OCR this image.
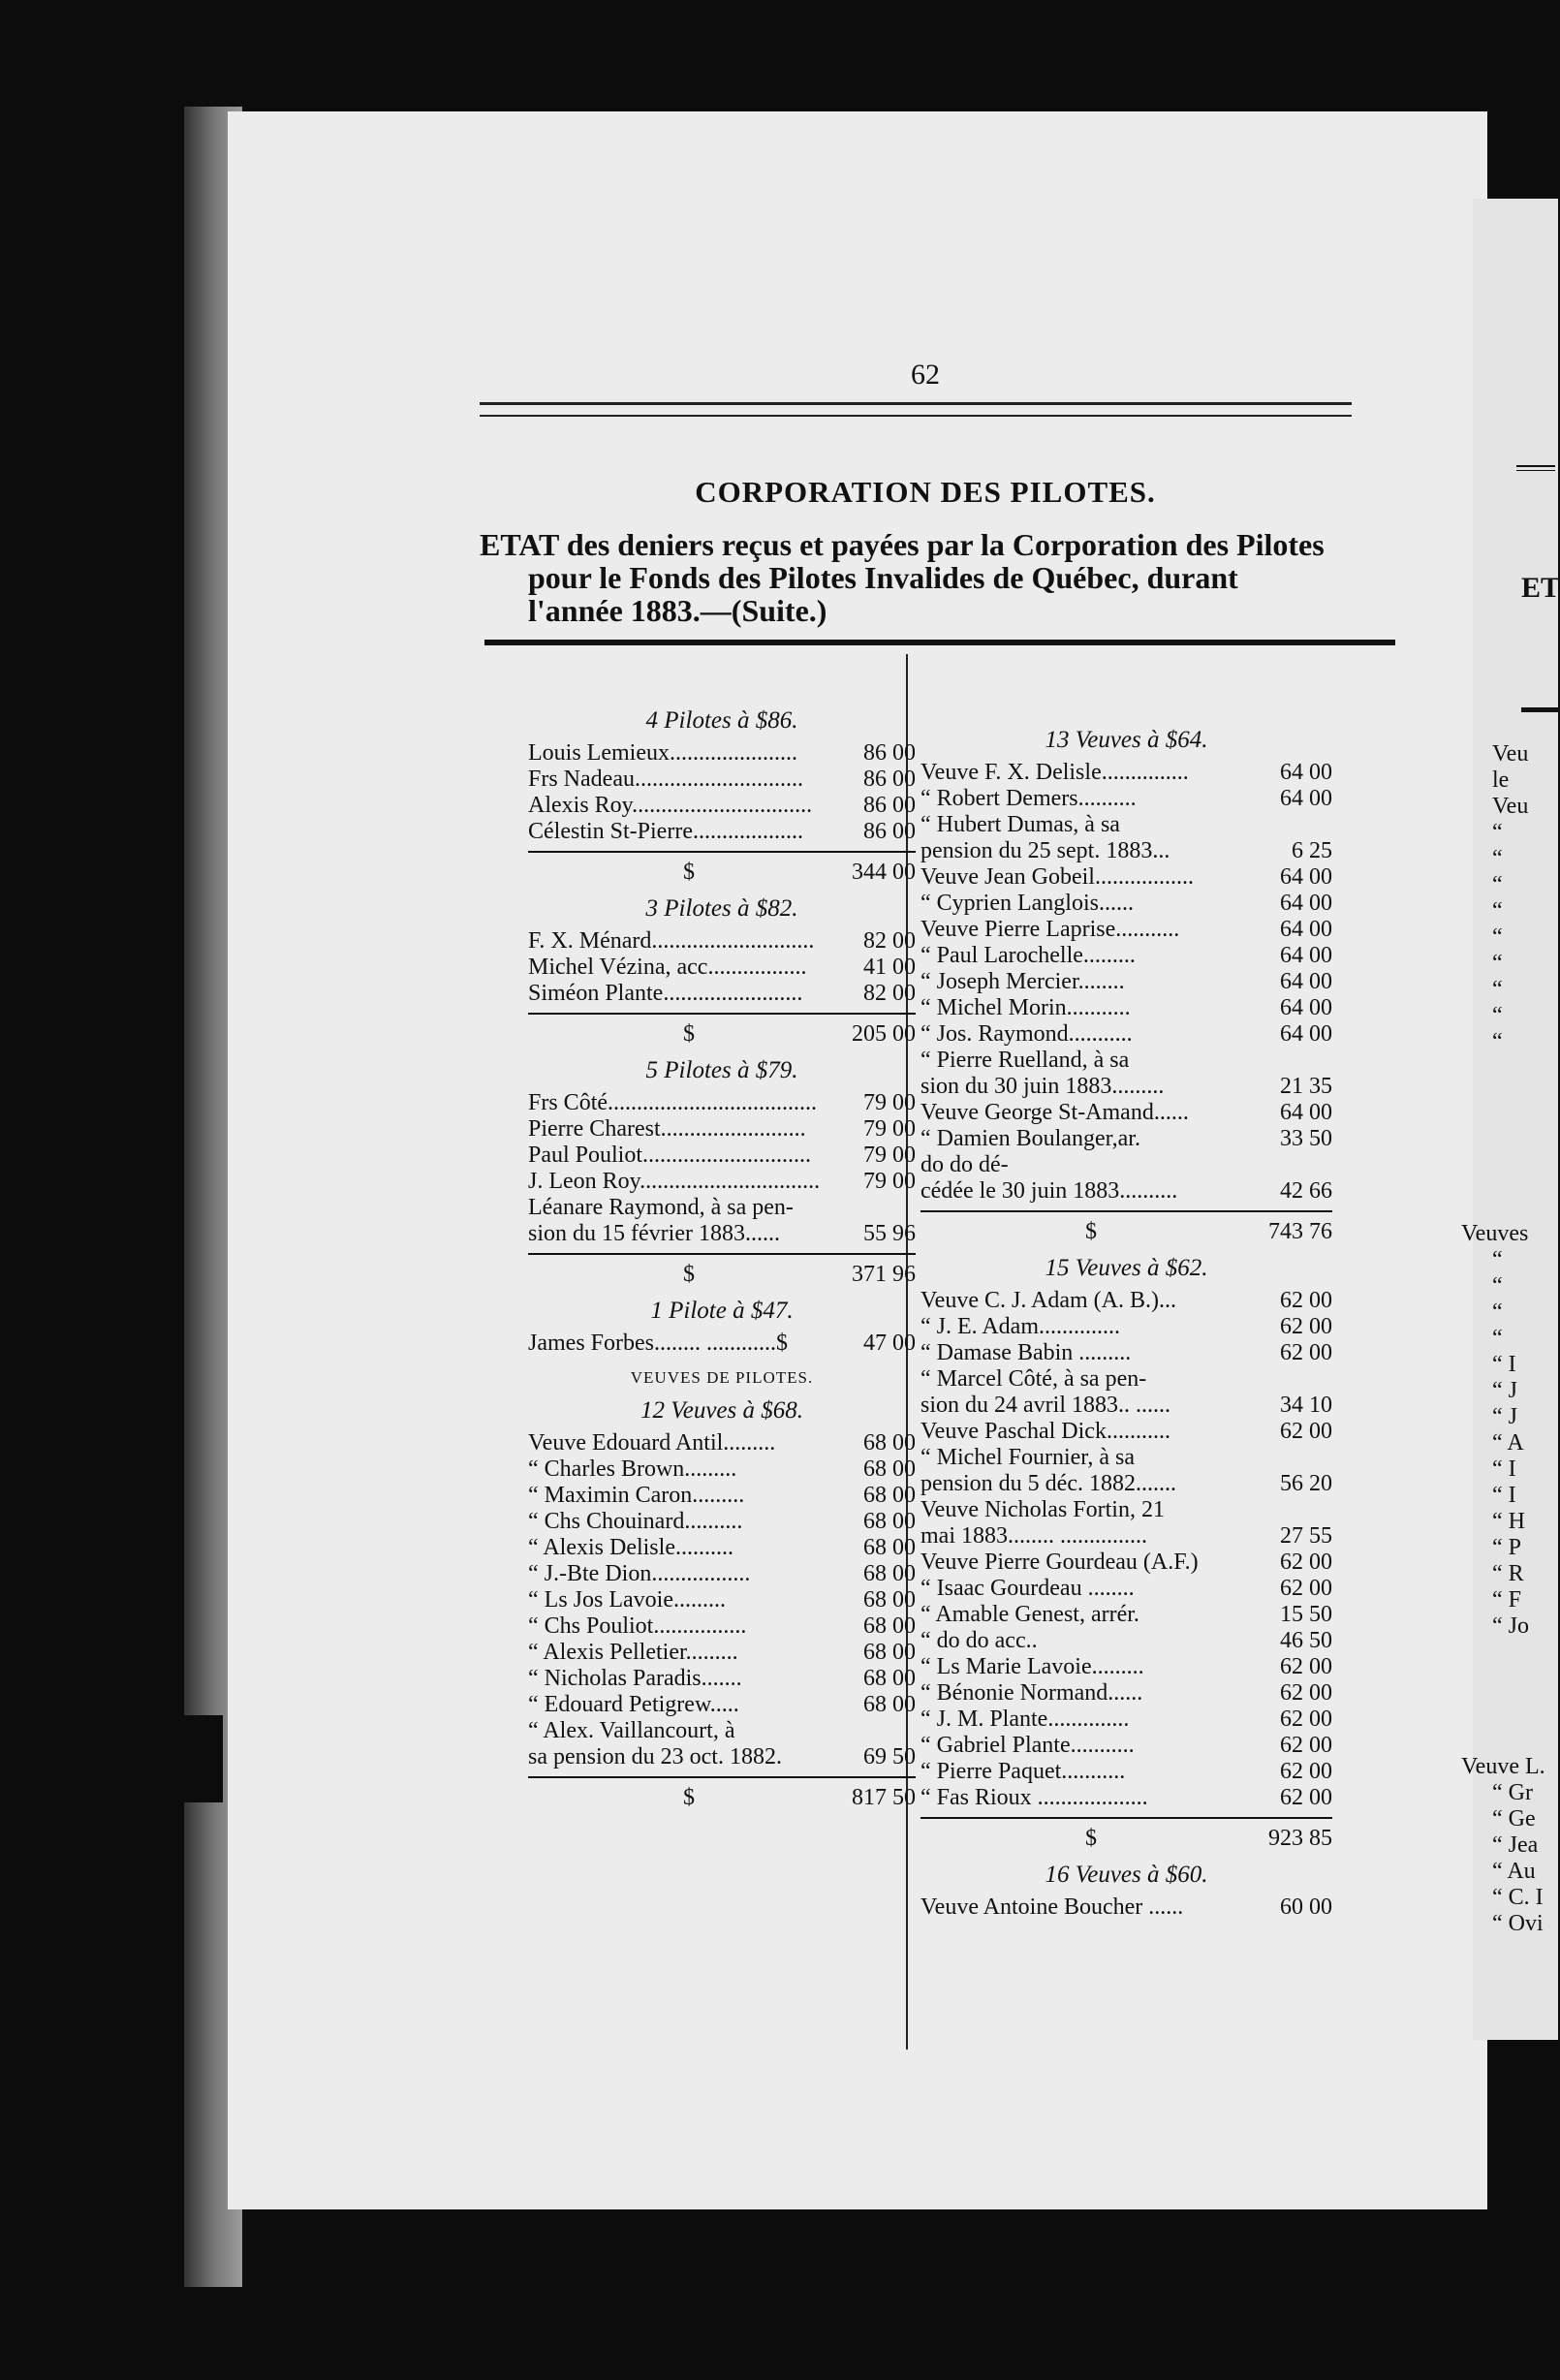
62
CORPORATION DES PILOTES.
ETAT des deniers reçus et payées par la Corporation des Pilotes
pour le Fonds des Pilotes Invalides de Québec, durant
l'année 1883.—(Suite.)
4 Pilotes à $86.
Louis Lemieux......................	86 00
Frs Nadeau.............................	86 00
Alexis Roy...............................	86 00
Célestin St-Pierre...................	86 00
$	344 00
3 Pilotes à $82.
F. X. Ménard............................	82 00
Michel Vézina, acc.................	41 00
Siméon Plante........................	82 00
$	205 00
5 Pilotes à $79.
Frs Côté....................................	79 00
Pierre Charest.........................	79 00
Paul Pouliot.............................	79 00
J. Leon Roy...............................	79 00
Léanare Raymond, à sa pen-
sion du 15 février 1883......	55 96
$	371 96
1 Pilote à $47.
James Forbes........ ............$	47 00
VEUVES DE PILOTES.
12 Veuves à $68.
Veuve Edouard Antil.........	68 00
“ Charles Brown.........	68 00
“ Maximin Caron.........	68 00
“ Chs Chouinard..........	68 00
“ Alexis Delisle..........	68 00
“ J.-Bte Dion.................	68 00
“ Ls Jos Lavoie.........	68 00
“ Chs Pouliot................	68 00
“ Alexis Pelletier.........	68 00
“ Nicholas Paradis.......	68 00
“ Edouard Petigrew.....	68 00
“ Alex. Vaillancourt, à
sa pension du 23 oct. 1882.	69 50
$	817 50
13 Veuves à $64.
Veuve F. X. Delisle...............	64 00
“ Robert Demers..........	64 00
“ Hubert Dumas, à sa
pension du 25 sept. 1883...	6 25
Veuve Jean Gobeil.................	64 00
“ Cyprien Langlois......	64 00
Veuve Pierre Laprise...........	64 00
“ Paul Larochelle.........	64 00
“ Joseph Mercier........	64 00
“ Michel Morin...........	64 00
“ Jos. Raymond...........	64 00
“ Pierre Ruelland, à sa
sion du 30 juin 1883.........	21 35
Veuve George St-Amand......	64 00
“ Damien Boulanger,ar.	33 50
do do dé-
cédée le 30 juin 1883..........	42 66
$	743 76
15 Veuves à $62.
Veuve C. J. Adam (A. B.)...	62 00
“ J. E. Adam..............	62 00
“ Damase Babin .........	62 00
“ Marcel Côté, à sa pen-
sion du 24 avril 1883.. ......	34 10
Veuve Paschal Dick...........	62 00
“ Michel Fournier, à sa
pension du 5 déc. 1882.......	56 20
Veuve Nicholas Fortin, 21
mai 1883........ ...............	27 55
Veuve Pierre Gourdeau (A.F.)	62 00
“ Isaac Gourdeau ........	62 00
“ Amable Genest, arrér.	15 50
“ do do acc..	46 50
“ Ls Marie Lavoie.........	62 00
“ Bénonie Normand......	62 00
“ J. M. Plante..............	62 00
“ Gabriel Plante...........	62 00
“ Pierre Paquet...........	62 00
“ Fas Rioux ...................	62 00
$	923 85
16 Veuves à $60.
Veuve Antoine Boucher ......	60 00
ET
Veu
le
Veu
“
“
“
“
“
“
“
“
“
Veuves
“
“
“
“
“ I
“ J
“ J
“ A
“ I
“ I
“ H
“ P
“ R
“ F
“ Jo
Veuve L.
“ Gr
“ Ge
“ Jea
“ Au
“ C. I
“ Ovi
